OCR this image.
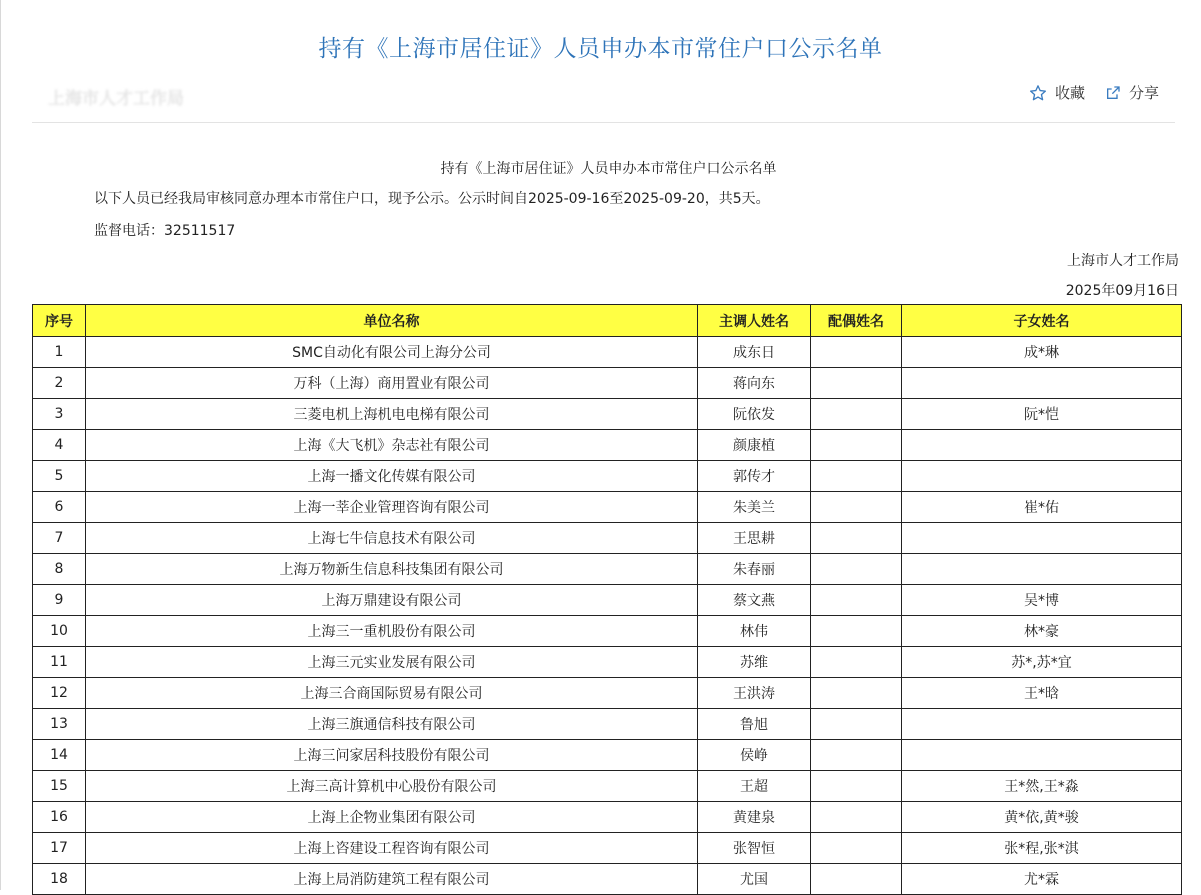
持有《上海市居住证》人员申办本市常住户口公示名单
上海市人才工作局	收藏	分享
持有《上海市居住证》人员申办本市常住户口公示名单
以下人员已经我局审核同意办理本市常住户口，现予公示。公示时间自2025-09-16至2025-09-20，共5天。
监督电话：32511517
上海市人才工作局
2025年09月16日
序号	单位名称	主调人姓名	配偶姓名	子女姓名
1	SMC自动化有限公司上海分公司	成东日		成*琳
2	万科（上海）商用置业有限公司	蒋向东		
3	三菱电机上海机电电梯有限公司	阮依发		阮*恺
4	上海《大飞机》杂志社有限公司	颜康植		
5	上海一播文化传媒有限公司	郭传才		
6	上海一莘企业管理咨询有限公司	朱美兰		崔*佑
7	上海七牛信息技术有限公司	王思耕		
8	上海万物新生信息科技集团有限公司	朱春丽		
9	上海万鼎建设有限公司	蔡文燕		吴*博
10	上海三一重机股份有限公司	林伟		林*豪
11	上海三元实业发展有限公司	苏维		苏*,苏*宜
12	上海三合商国际贸易有限公司	王洪涛		王*晗
13	上海三旗通信科技有限公司	鲁旭		
14	上海三问家居科技股份有限公司	侯峥		
15	上海三高计算机中心股份有限公司	王超		王*然,王*淼
16	上海上企物业集团有限公司	黄建泉		黄*依,黄*骏
17	上海上咨建设工程咨询有限公司	张智恒		张*程,张*淇
18	上海上局消防建筑工程有限公司	尤国		尤*霖
